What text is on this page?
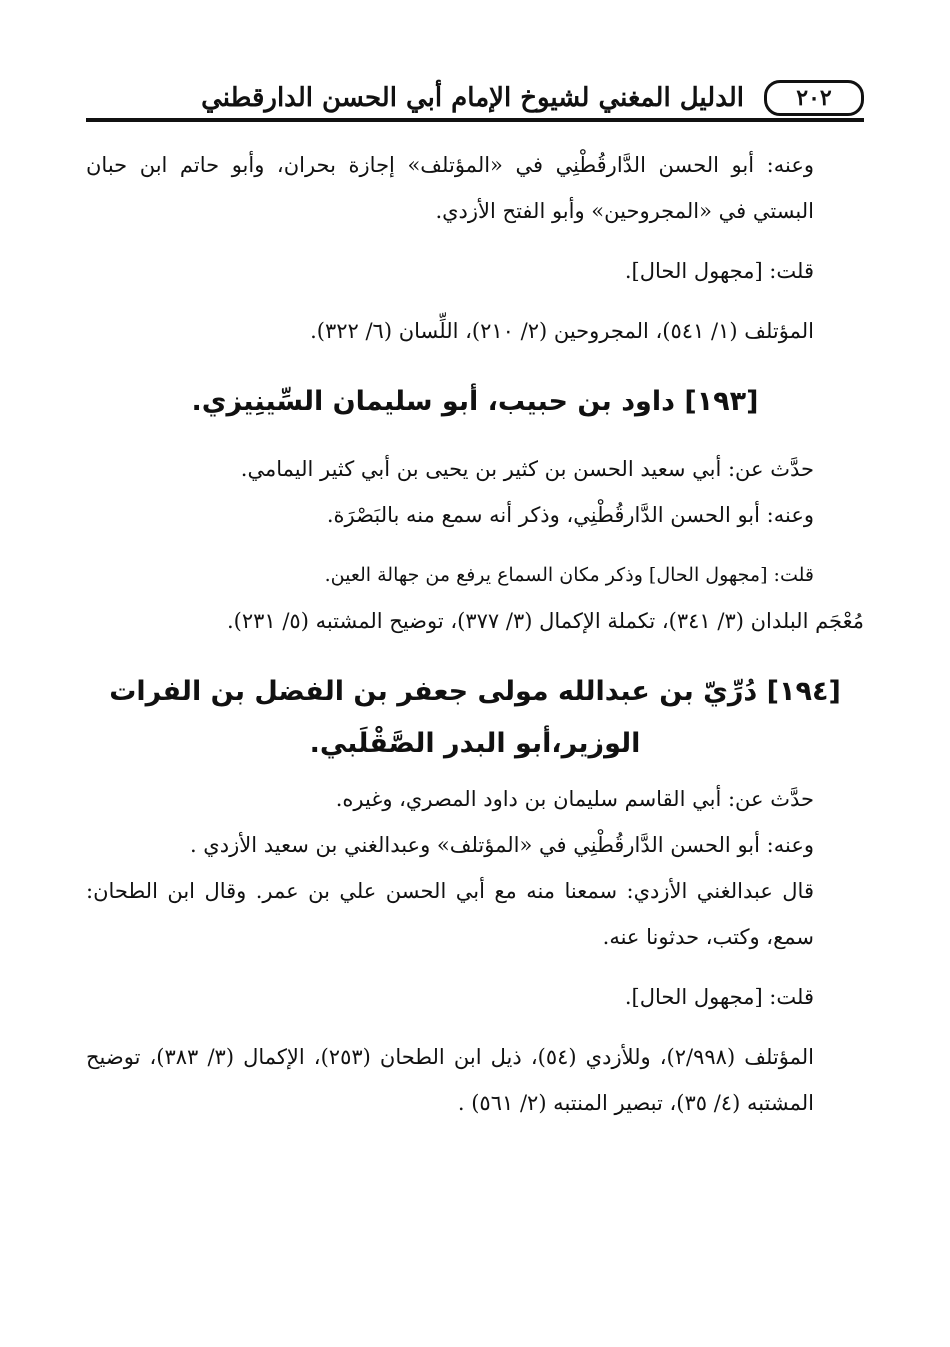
٢٠٢
الدليل المغني لشيوخ الإمام أبي الحسن الدارقطني

وعنه: أبو الحسن الدَّارقُطْنِي في «المؤتلف» إجازة بحران، وأبو حاتم ابن حبان البستي في «المجروحين» وأبو الفتح الأزدي.

قلت: [مجهول الحال].

المؤتلف (١/ ٥٤١)، المجروحين (٢/ ٢١٠)، اللِّسان (٦/ ٣٢٢).

[١٩٣] داود بن حبيب، أبو سليمان السِّينِيزي.

حدَّث عن: أبي سعيد الحسن بن كثير بن يحيى بن أبي كثير اليمامي.

وعنه: أبو الحسن الدَّارقُطْنِي، وذكر أنه سمع منه بالبَصْرَة.

قلت: [مجهول الحال] وذكر مكان السماع يرفع من جهالة العين.

مُعْجَم البلدان (٣/ ٣٤١)، تكملة الإكمال (٣/ ٣٧٧)، توضيح المشتبه (٥/ ٢٣١).

[١٩٤] دُرِّيّ بن عبدالله مولى جعفر بن الفضل بن الفرات
الوزير،أبو البدر الصَّقْلَبي.

حدَّث عن: أبي القاسم سليمان بن داود المصري، وغيره.

وعنه: أبو الحسن الدَّارقُطْنِي في «المؤتلف» وعبدالغني بن سعيد الأزدي .

قال عبدالغني الأزدي: سمعنا منه مع أبي الحسن علي بن عمر. وقال ابن الطحان: سمع، وكتب، حدثونا عنه.

قلت: [مجهول الحال].

المؤتلف (٢/٩٩٨)، وللأزدي (٥٤)، ذيل ابن الطحان (٢٥٣)، الإكمال (٣/ ٣٨٣)، توضيح المشتبه (٤/ ٣٥)، تبصير المنتبه (٢/ ٥٦١) .
